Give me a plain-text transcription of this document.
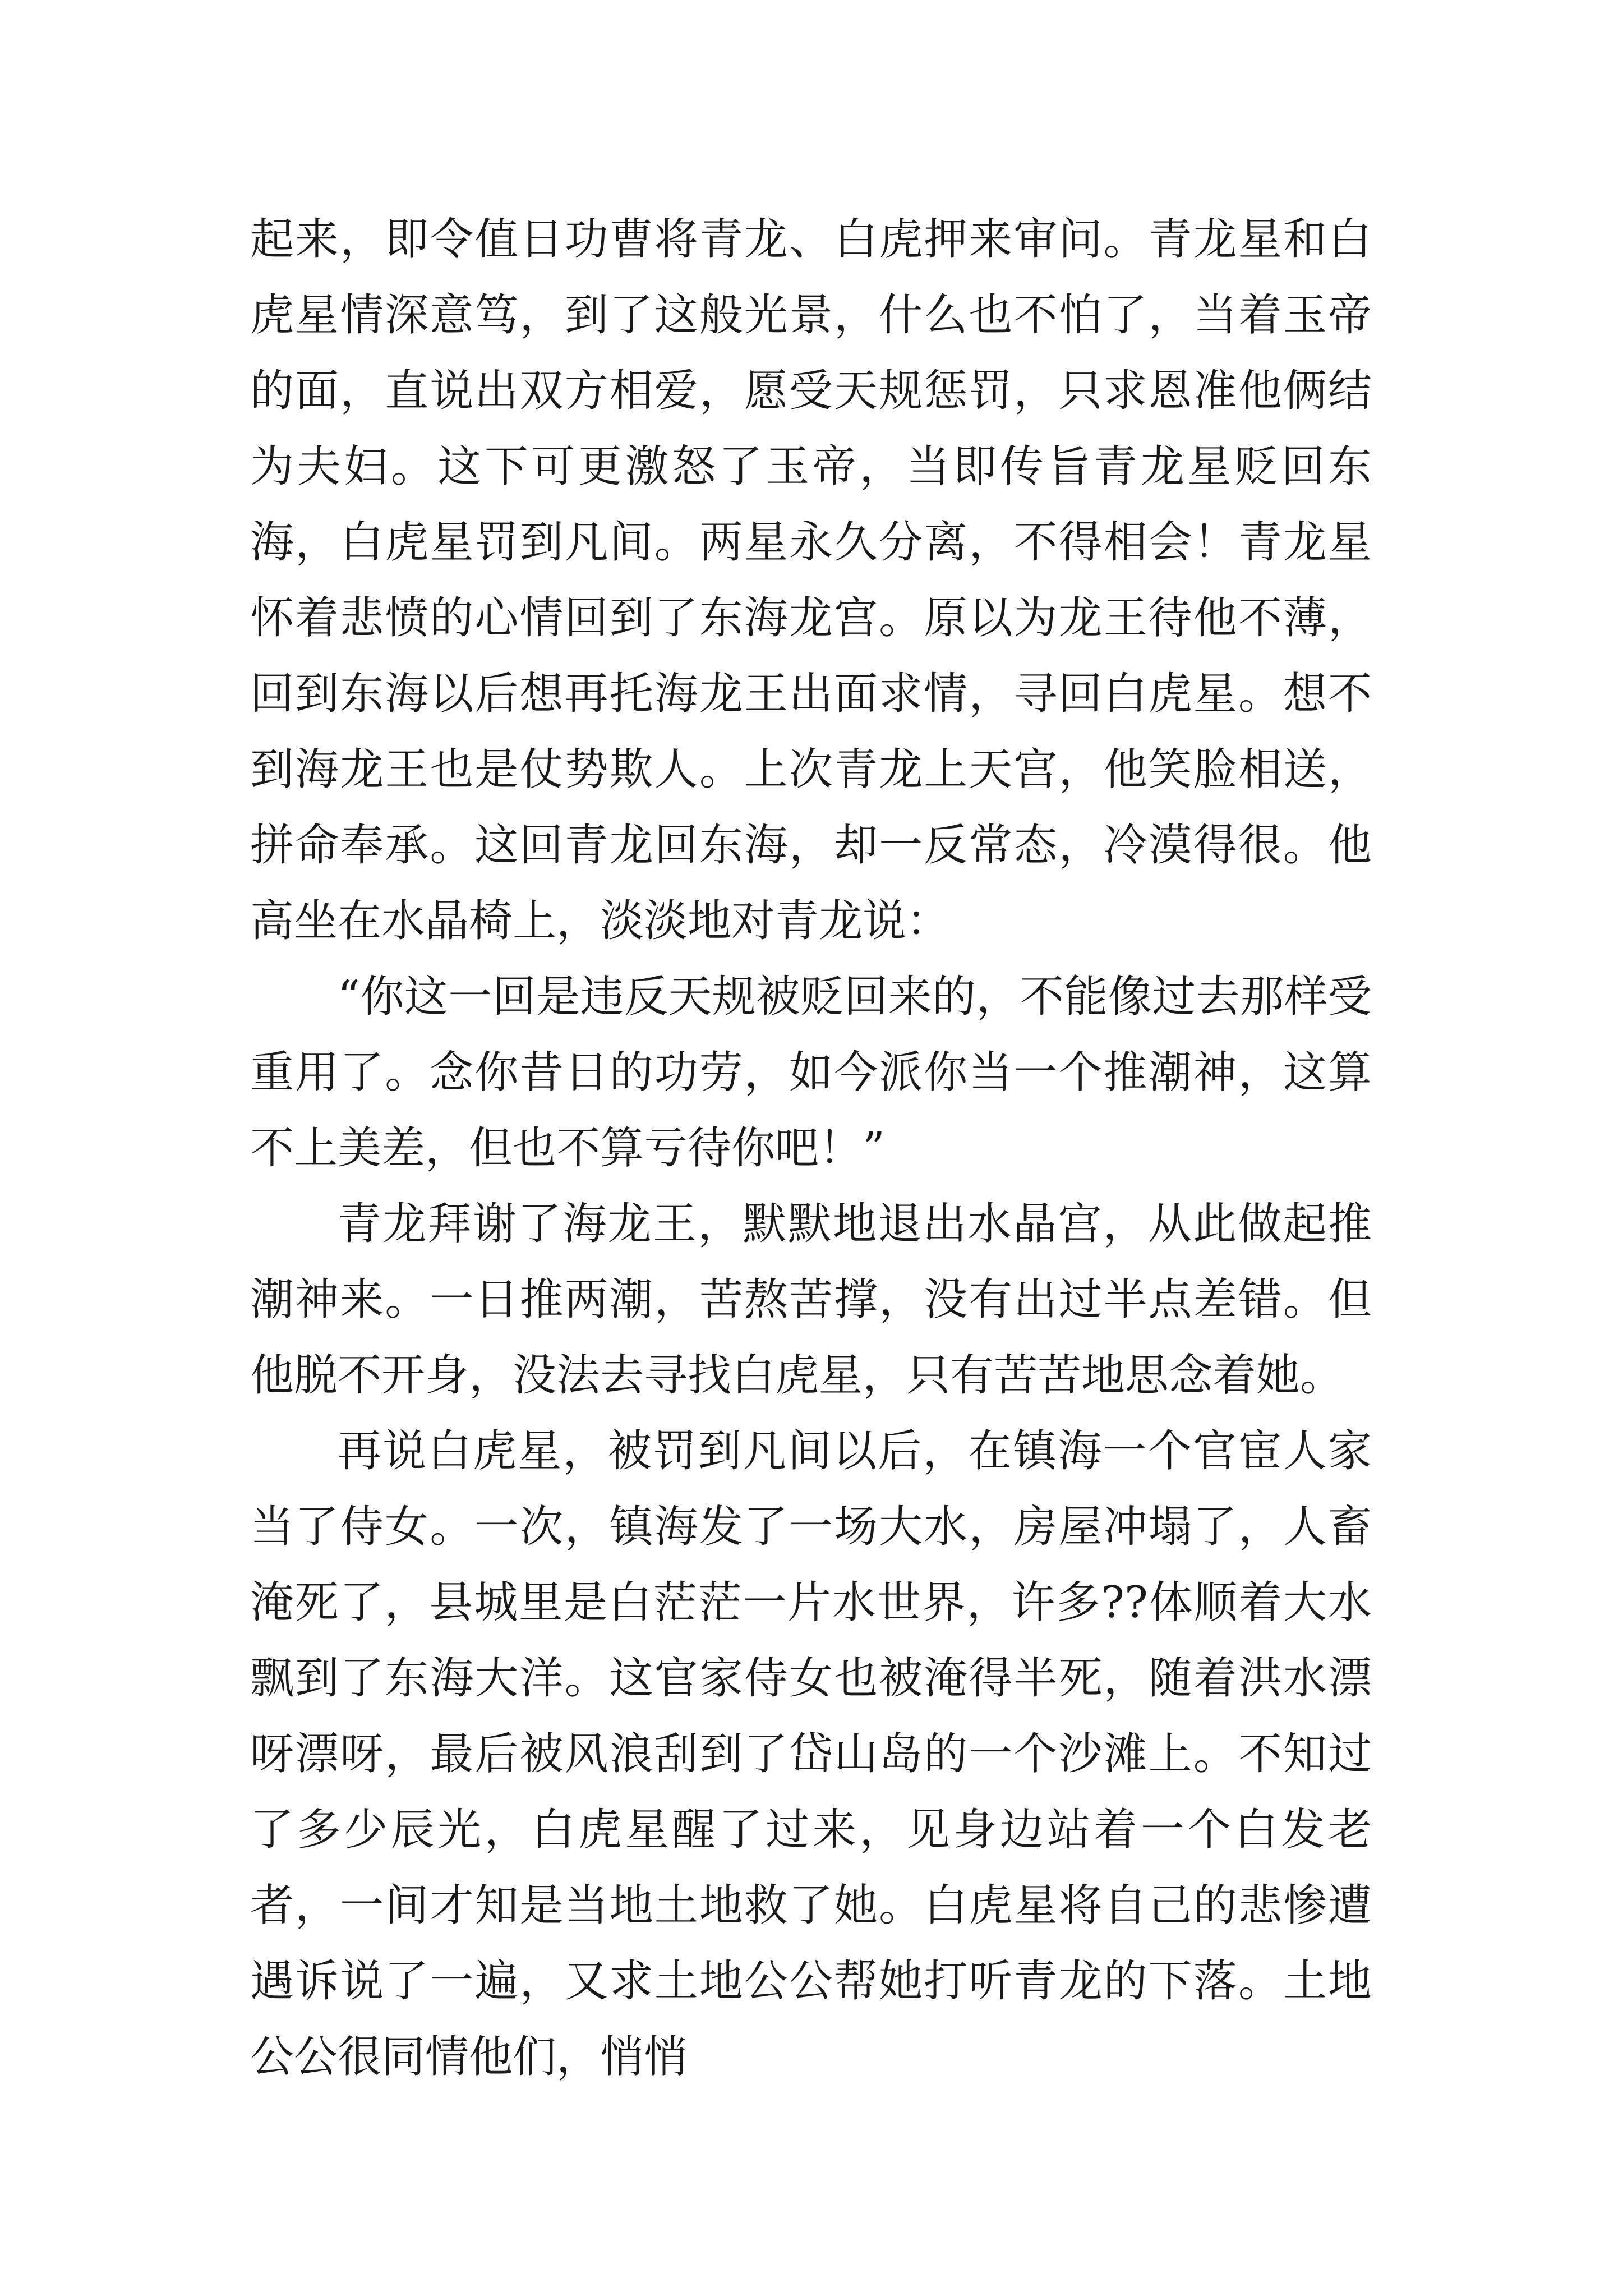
起来，即令值日功曹将青龙、白虎押来审问。青龙星和白虎星情深意笃，到了这般光景，什么也不怕了，当着玉帝的面，直说出双方相爱，愿受天规惩罚，只求恩准他俩结为夫妇。这下可更激怒了玉帝，当即传旨青龙星贬回东海，白虎星罚到凡间。两星永久分离，不得相会！青龙星怀着悲愤的心情回到了东海龙宫。原以为龙王待他不薄，回到东海以后想再托海龙王出面求情，寻回白虎星。想不到海龙王也是仗势欺人。上次青龙上天宫，他笑脸相送，拼命奉承。这回青龙回东海，却一反常态，冷漠得很。他高坐在水晶椅上，淡淡地对青龙说：

“你这一回是违反天规被贬回来的，不能像过去那样受重用了。念你昔日的功劳，如今派你当一个推潮神，这算不上美差，但也不算亏待你吧！”

青龙拜谢了海龙王，默默地退出水晶宫，从此做起推潮神来。一日推两潮，苦熬苦撑，没有出过半点差错。但他脱不开身，没法去寻找白虎星，只有苦苦地思念着她。

再说白虎星，被罚到凡间以后，在镇海一个官宦人家当了侍女。一次，镇海发了一场大水，房屋冲塌了，人畜淹死了，县城里是白茫茫一片水世界，许多??体顺着大水飘到了东海大洋。这官家侍女也被淹得半死，随着洪水漂呀漂呀，最后被风浪刮到了岱山岛的一个沙滩上。不知过了多少辰光，白虎星醒了过来，见身边站着一个白发老者，一间才知是当地土地救了她。白虎星将自己的悲惨遭遇诉说了一遍，又求土地公公帮她打听青龙的下落。土地公公很同情他们，悄悄
